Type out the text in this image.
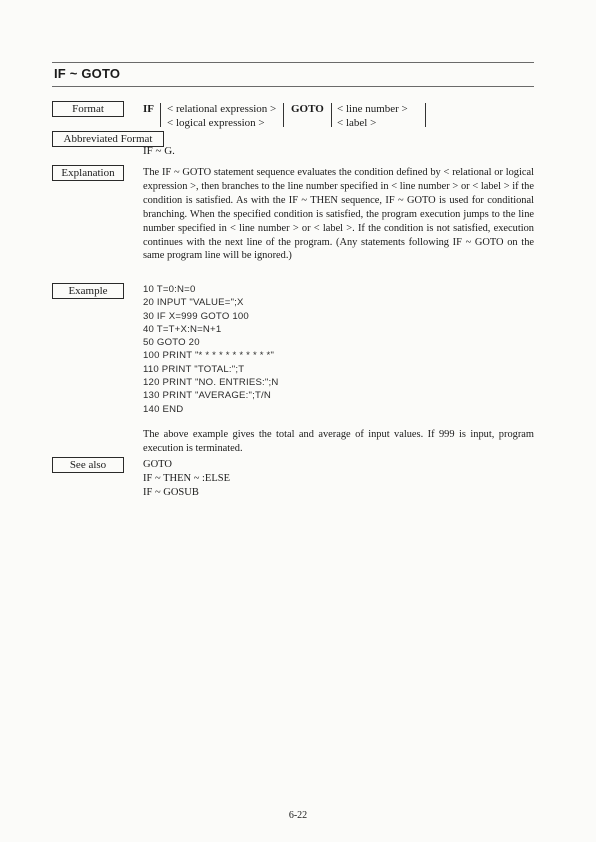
IF ~ GOTO
Format	IF < relational expression >
< logical expression >
GOTO < line number >
< label >
Abbreviated Format
IF ~ G.
Explanation	The IF ~ GOTO statement sequence evaluates the condition defined by < relational or logical expression >, then branches to the line number specified in < line number > or < label > if the condition is satisfied. As with the IF ~ THEN sequence, IF ~ GOTO is used for conditional branching. When the specified condition is satisfied, the program execution jumps to the line number specified in < line number > or < label >. If the condition is not satisfied, execution continues with the next line of the program. (Any statements following IF ~ GOTO on the same program line will be ignored.)
Example	10 T=0:N=0
20 INPUT "VALUE=";X
30 IF X=999 GOTO 100
40 T=T+X:N=N+1
50 GOTO 20
100 PRINT "* * * * * * * * * * *"
110 PRINT "TOTAL:";T
120 PRINT "NO. ENTRIES:";N
130 PRINT "AVERAGE:";T/N
140 END
The above example gives the total and average of input values. If 999 is input, program execution is terminated.
See also	GOTO
IF ~ THEN ~ :ELSE
IF ~ GOSUB
6-22
